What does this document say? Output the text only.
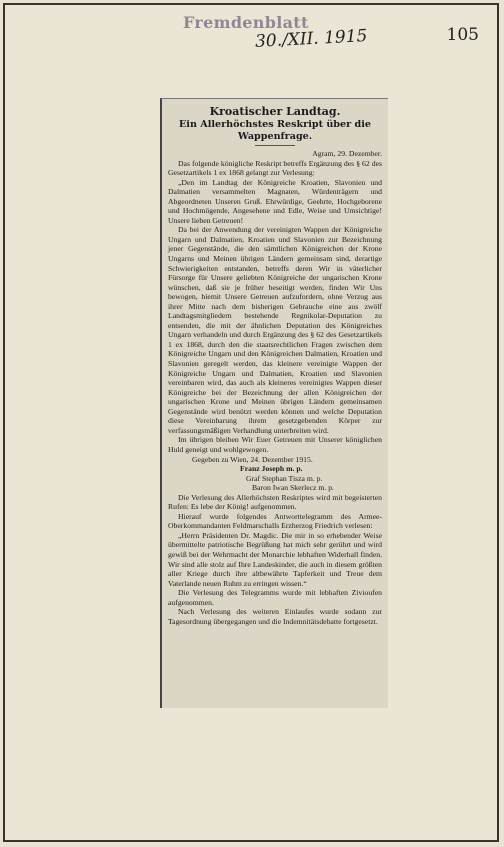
Fremdenblatt
30./XII. 1915	105
Kroatischer Landtag.
Ein Allerhöchstes Reskript über die Wappenfrage.
Agram, 29. Dezember.

Das folgende königliche Reskript betreffs Ergänzung des § 62 des Gesetzartikels 1 ex 1868 gelangt zur Verlesung:

„Den im Landtag der Königreiche Kroatien, Slavonien und Dalmatien versammelten Magnaten, Würdenträgern und Abgeordneten Unseren Gruß. Ehrwürdige, Geehrte, Hochgeborene und Hochmögende, Angesehene und Edle, Weise und Umsichtige! Unsere lieben Getreuen!

Da bei der Anwendung der vereinigten Wappen der Königreiche Ungarn und Dalmatien, Kroatien und Slavonien zur Bezeichnung jener Gegenstände, die den sämtlichen Königreichen der Krone Ungarns und Meinen übrigen Ländern gemeinsam sind, derartige Schwierigkeiten entstanden, betreffs deren Wir in väterlicher Fürsorge für Unsere geliebten Königreiche der ungarischen Krone wünschen, daß sie je früher beseitigt werden, finden Wir Uns bewogen, hiemit Unsere Getreuen aufzufordern, ohne Verzug aus ihrer Mitte nach dem bisherigen Gebrauche eine aus zwölf Landtagsmitgliedern bestehende Regnikolar-Deputation zu entsenden, die mit der ähnlichen Deputation des Königreiches Ungarn verhandeln und durch Ergänzung des § 62 des Gesetzartikels 1 ex 1868, durch den die staatsrechtlichen Fragen zwischen dem Königreiche Ungarn und den Königreichen Dalmatien, Kroatien und Slavonien geregelt werden, das kleinere vereinigte Wappen der Königreiche Ungarn und Dalmatien, Kroatien und Slavonien vereinbaren wird, das auch als kleineres vereinigtes Wappen dieser Königreiche bei der Bezeichnung der allen Königreichen der ungarischen Krone und Meinen übrigen Ländern gemeinsamen Gegenstände wird benützt werden können und welche Deputation diese Vereinbarung ihrem gesetzgebenden Körper zur verfassungsmäßigen Verhandlung unterbreiten wird.

Im übrigen bleiben Wir Euer Getreuen mit Unserer königlichen Huld geneigt und wohlgewogen.

Gegeben zu Wien, 24. Dezember 1915.

Franz Joseph m. p.
Graf Stephan Tisza m. p.
Baron Iwan Skerlecz m. p.

Die Verlesung des Allerhöchsten Reskriptes wird mit begeisterten Rufen: Es lebe der König! aufgenommen.

Hierauf wurde folgendes Antworttelegramm des Armee-Oberkommandanten Feldmarschalls Erzherzog Friedrich verlesen:

„Herrn Präsidenten Dr. Magdic. Die mir in so erhebender Weise übermittelte patriotische Begrüßung hat mich sehr gerührt und wird gewiß bei der Wehrmacht der Monarchie lebhaften Widerhall finden. Wir sind alle stolz auf Ihre Landeskinder, die auch in diesem größten aller Kriege durch ihre altbewährte Tapferkeit und Treue dem Vaterlande neuen Ruhm zu erringen wissen.“

Die Verlesung des Telegramms wurde mit lebhaften Zivioufen aufgenommen.

Nach Verlesung des weiteren Einlaufes wurde sodann zur Tagesordnung übergegangen und die Indemnitätsdebatte fortgesetzt.
